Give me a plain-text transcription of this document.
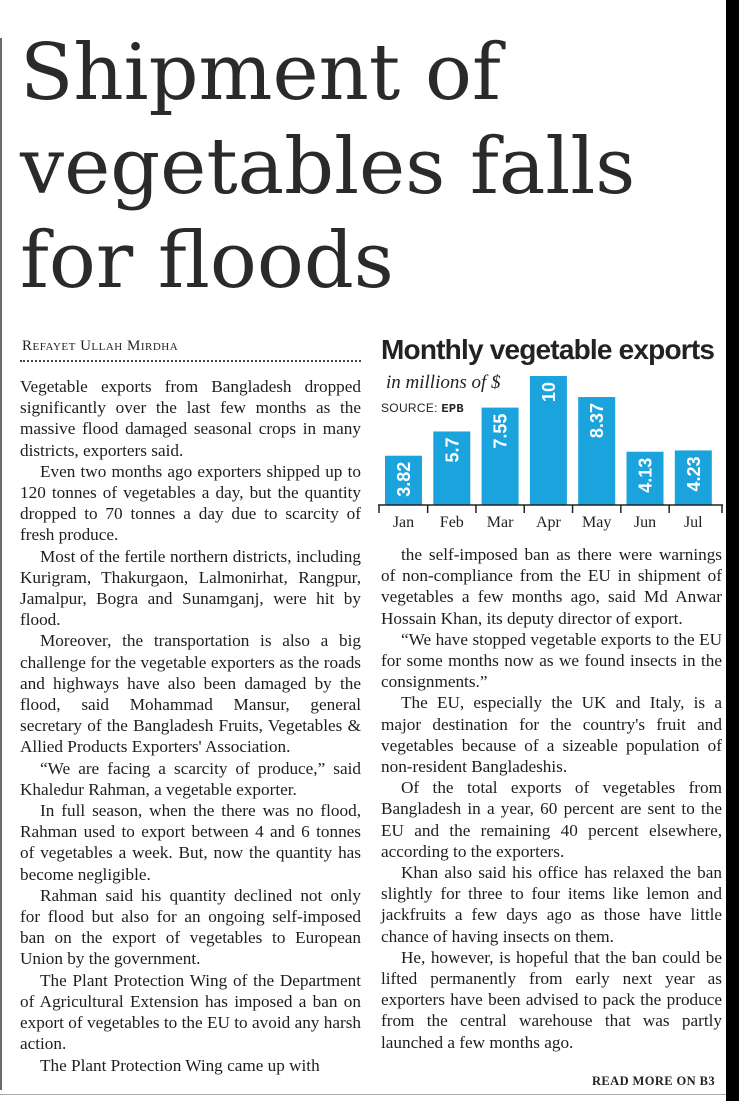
Shipment of
vegetables falls
for floods

Refayet Ullah Mirdha	Monthly vegetable exports

in millions of $

SOURCE: EPB

3.82
Jan
5.7
Feb
7.55
Mar
10
Apr
8.37
May
4.13
Jun
4.23
Jul

Vegetable exports from Bangladesh dropped significantly over the last few months as the massive flood damaged seasonal crops in many districts, exporters said.

Even two months ago exporters shipped up to 120 tonnes of vegetables a day, but the quantity dropped to 70 tonnes a day due to scarcity of fresh produce.

Most of the fertile northern districts, including Kurigram, Thakurgaon, Lalmonirhat, Rangpur, Jamalpur, Bogra and Sunamganj, were hit by flood.

Moreover, the transportation is also a big challenge for the vegetable exporters as the roads and highways have also been damaged by the flood, said Mohammad Mansur, general secretary of the Bangladesh Fruits, Vegetables & Allied Products Exporters' Association.

“We are facing a scarcity of produce,” said Khaledur Rahman, a vegetable exporter.

In full season, when the there was no flood, Rahman used to export between 4 and 6 tonnes of vegetables a week. But, now the quantity has become negligible.

Rahman said his quantity declined not only for flood but also for an ongoing self-imposed ban on the export of vegetables to European Union by the government.

The Plant Protection Wing of the Department of Agricultural Extension has imposed a ban on export of vegetables to the EU to avoid any harsh action.

The Plant Protection Wing came up with

the self-imposed ban as there were warnings of non-compliance from the EU in shipment of vegetables a few months ago, said Md Anwar Hossain Khan, its deputy director of export.

“We have stopped vegetable exports to the EU for some months now as we found insects in the consignments.”

The EU, especially the UK and Italy, is a major destination for the country's fruit and vegetables because of a sizeable population of non-resident Bangladeshis.

Of the total exports of vegetables from Bangladesh in a year, 60 percent are sent to the EU and the remaining 40 percent elsewhere, according to the exporters.

Khan also said his office has relaxed the ban slightly for three to four items like lemon and jackfruits a few days ago as those have little chance of having insects on them.

He, however, is hopeful that the ban could be lifted permanently from early next year as exporters have been advised to pack the produce from the central warehouse that was partly launched a few months ago.

READ MORE ON B3
